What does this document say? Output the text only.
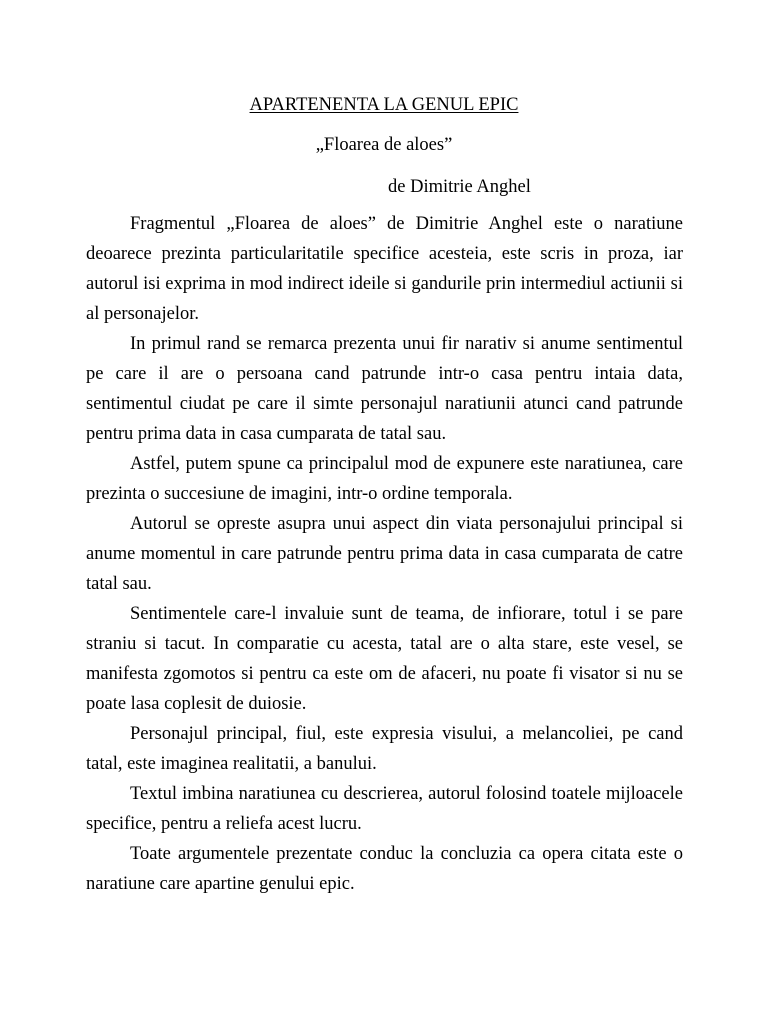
APARTENENTA LA GENUL EPIC
„Floarea de aloes”
de Dimitrie Anghel

Fragmentul „Floarea de aloes” de Dimitrie Anghel este o naratiune deoarece prezinta particularitatile specifice acesteia, este scris in proza, iar autorul isi exprima in mod indirect ideile si gandurile prin intermediul actiunii si al personajelor.

In primul rand se remarca prezenta unui fir narativ si anume sentimentul pe care il are o persoana cand patrunde intr-o casa pentru intaia data, sentimentul ciudat pe care il simte personajul naratiunii atunci cand patrunde pentru prima data in casa cumparata de tatal sau.

Astfel, putem spune ca principalul mod de expunere este naratiunea, care prezinta o succesiune de imagini, intr-o ordine temporala.

Autorul se opreste asupra unui aspect din viata personajului principal si anume momentul in care patrunde pentru prima data in casa cumparata de catre tatal sau.

Sentimentele care-l invaluie sunt de teama, de infiorare, totul i se pare straniu si tacut. In comparatie cu acesta, tatal are o alta stare, este vesel, se manifesta zgomotos si pentru ca este om de afaceri, nu poate fi visator si nu se poate lasa coplesit de duiosie.

Personajul principal, fiul, este expresia visului, a melancoliei, pe cand tatal, este imaginea realitatii, a banului.

Textul imbina naratiunea cu descrierea, autorul folosind toatele mijloacele specifice, pentru a reliefa acest lucru.

Toate argumentele prezentate conduc la concluzia ca opera citata este o naratiune care apartine genului epic.
